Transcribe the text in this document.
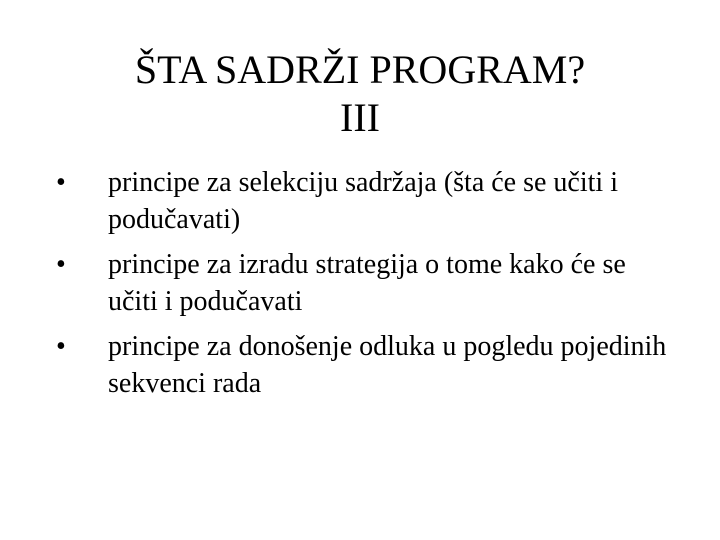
ŠTA SADRŽI PROGRAM?
III
• principe za selekciju sadržaja (šta će se učiti i podučavati)
• principe za izradu strategija o tome kako će se učiti i podučavati
• principe za donošenje odluka u pogledu pojedinih sekvenci rada
